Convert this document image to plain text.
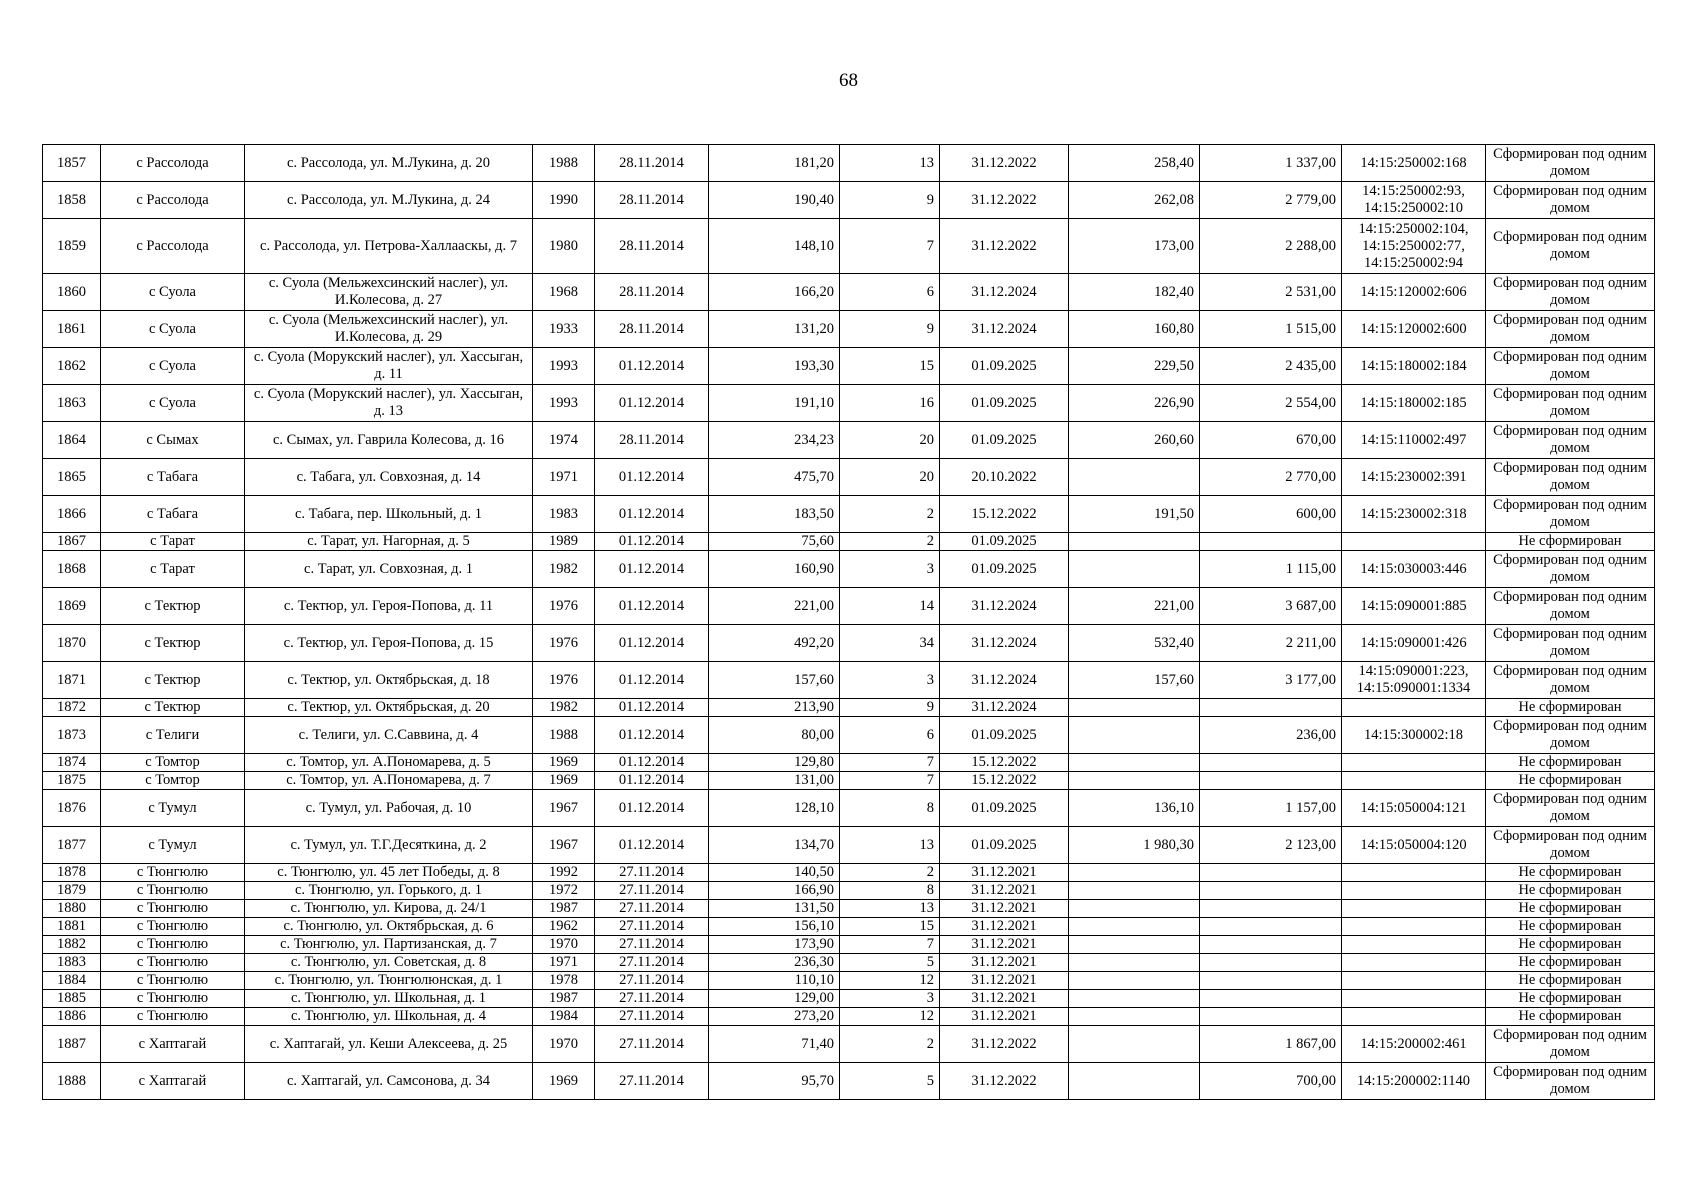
68
1857	с Рассолода	с. Рассолода, ул. М.Лукина, д. 20	1988	28.11.2014	181,20	13	31.12.2022	258,40	1 337,00	14:15:250002:168	Сформирован под одним домом
1858	с Рассолода	с. Рассолода, ул. М.Лукина, д. 24	1990	28.11.2014	190,40	9	31.12.2022	262,08	2 779,00	14:15:250002:93, 14:15:250002:10	Сформирован под одним домом
1859	с Рассолода	с. Рассолода, ул. Петрова-Халлааскы, д. 7	1980	28.11.2014	148,10	7	31.12.2022	173,00	2 288,00	14:15:250002:104, 14:15:250002:77, 14:15:250002:94	Сформирован под одним домом
1860	с Суола	с. Суола (Мельжехсинский наслег), ул. И.Колесова, д. 27	1968	28.11.2014	166,20	6	31.12.2024	182,40	2 531,00	14:15:120002:606	Сформирован под одним домом
1861	с Суола	с. Суола (Мельжехсинский наслег), ул. И.Колесова, д. 29	1933	28.11.2014	131,20	9	31.12.2024	160,80	1 515,00	14:15:120002:600	Сформирован под одним домом
1862	с Суола	с. Суола (Морукский наслег), ул. Хассыган, д. 11	1993	01.12.2014	193,30	15	01.09.2025	229,50	2 435,00	14:15:180002:184	Сформирован под одним домом
1863	с Суола	с. Суола (Морукский наслег), ул. Хассыган, д. 13	1993	01.12.2014	191,10	16	01.09.2025	226,90	2 554,00	14:15:180002:185	Сформирован под одним домом
1864	с Сымах	с. Сымах, ул. Гаврила Колесова, д. 16	1974	28.11.2014	234,23	20	01.09.2025	260,60	670,00	14:15:110002:497	Сформирован под одним домом
1865	с Табага	с. Табага, ул. Совхозная, д. 14	1971	01.12.2014	475,70	20	20.10.2022		2 770,00	14:15:230002:391	Сформирован под одним домом
1866	с Табага	с. Табага, пер. Школьный, д. 1	1983	01.12.2014	183,50	2	15.12.2022	191,50	600,00	14:15:230002:318	Сформирован под одним домом
1867	с Тарат	с. Тарат, ул. Нагорная, д. 5	1989	01.12.2014	75,60	2	01.09.2025				Не сформирован
1868	с Тарат	с. Тарат, ул. Совхозная, д. 1	1982	01.12.2014	160,90	3	01.09.2025		1 115,00	14:15:030003:446	Сформирован под одним домом
1869	с Тектюр	с. Тектюр, ул. Героя-Попова, д. 11	1976	01.12.2014	221,00	14	31.12.2024	221,00	3 687,00	14:15:090001:885	Сформирован под одним домом
1870	с Тектюр	с. Тектюр, ул. Героя-Попова, д. 15	1976	01.12.2014	492,20	34	31.12.2024	532,40	2 211,00	14:15:090001:426	Сформирован под одним домом
1871	с Тектюр	с. Тектюр, ул. Октябрьская, д. 18	1976	01.12.2014	157,60	3	31.12.2024	157,60	3 177,00	14:15:090001:223, 14:15:090001:1334	Сформирован под одним домом
1872	с Тектюр	с. Тектюр, ул. Октябрьская, д. 20	1982	01.12.2014	213,90	9	31.12.2024				Не сформирован
1873	с Телиги	с. Телиги, ул. С.Саввина, д. 4	1988	01.12.2014	80,00	6	01.09.2025		236,00	14:15:300002:18	Сформирован под одним домом
1874	с Томтор	с. Томтор, ул. А.Пономарева, д. 5	1969	01.12.2014	129,80	7	15.12.2022				Не сформирован
1875	с Томтор	с. Томтор, ул. А.Пономарева, д. 7	1969	01.12.2014	131,00	7	15.12.2022				Не сформирован
1876	с Тумул	с. Тумул, ул. Рабочая, д. 10	1967	01.12.2014	128,10	8	01.09.2025	136,10	1 157,00	14:15:050004:121	Сформирован под одним домом
1877	с Тумул	с. Тумул, ул. Т.Г.Десяткина, д. 2	1967	01.12.2014	134,70	13	01.09.2025	1 980,30	2 123,00	14:15:050004:120	Сформирован под одним домом
1878	с Тюнгюлю	с. Тюнгюлю, ул. 45 лет Победы, д. 8	1992	27.11.2014	140,50	2	31.12.2021				Не сформирован
1879	с Тюнгюлю	с. Тюнгюлю, ул. Горького, д. 1	1972	27.11.2014	166,90	8	31.12.2021				Не сформирован
1880	с Тюнгюлю	с. Тюнгюлю, ул. Кирова, д. 24/1	1987	27.11.2014	131,50	13	31.12.2021				Не сформирован
1881	с Тюнгюлю	с. Тюнгюлю, ул. Октябрьская, д. 6	1962	27.11.2014	156,10	15	31.12.2021				Не сформирован
1882	с Тюнгюлю	с. Тюнгюлю, ул. Партизанская, д. 7	1970	27.11.2014	173,90	7	31.12.2021				Не сформирован
1883	с Тюнгюлю	с. Тюнгюлю, ул. Советская, д. 8	1971	27.11.2014	236,30	5	31.12.2021				Не сформирован
1884	с Тюнгюлю	с. Тюнгюлю, ул. Тюнгюлюнская, д. 1	1978	27.11.2014	110,10	12	31.12.2021				Не сформирован
1885	с Тюнгюлю	с. Тюнгюлю, ул. Школьная, д. 1	1987	27.11.2014	129,00	3	31.12.2021				Не сформирован
1886	с Тюнгюлю	с. Тюнгюлю, ул. Школьная, д. 4	1984	27.11.2014	273,20	12	31.12.2021				Не сформирован
1887	с Хаптагай	с. Хаптагай, ул. Кеши Алексеева, д. 25	1970	27.11.2014	71,40	2	31.12.2022		1 867,00	14:15:200002:461	Сформирован под одним домом
1888	с Хаптагай	с. Хаптагай, ул. Самсонова, д. 34	1969	27.11.2014	95,70	5	31.12.2022		700,00	14:15:200002:1140	Сформирован под одним домом
